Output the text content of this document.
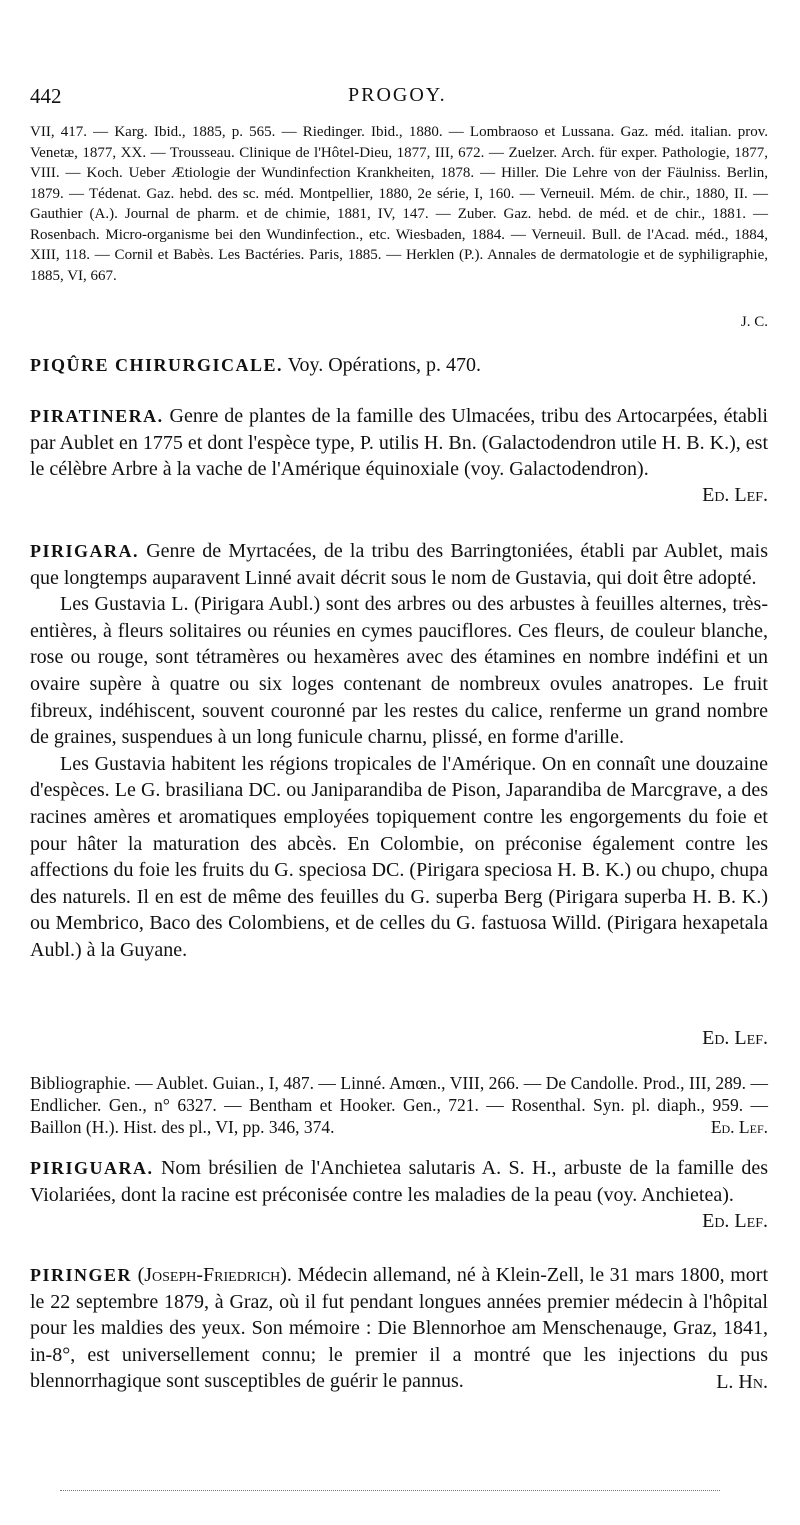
442	PROGOY.
VII, 417. — Karg. Ibid., 1885, p. 565. — Riedinger. Ibid., 1880. — Lombraoso et Lussana. Gaz. méd. italian. prov. Venetæ, 1877, XX. — Trousseau. Clinique de l'Hôtel-Dieu, 1877, III, 672. — Zuelzer. Arch. für exper. Pathologie, 1877, VIII. — Koch. Ueber Ætiologie der Wundinfection Krankheiten, 1878. — Hiller. Die Lehre von der Fäulniss. Berlin, 1879. — Tédenat. Gaz. hebd. des sc. méd. Montpellier, 1880, 2e série, I, 160. — Verneuil. Mém. de chir., 1880, II. — Gauthier (A.). Journal de pharm. et de chimie, 1881, IV, 147. — Zuber. Gaz. hebd. de méd. et de chir., 1881. — Rosenbach. Micro-organisme bei den Wundinfection., etc. Wiesbaden, 1884. — Verneuil. Bull. de l'Acad. méd., 1884, XIII, 118. — Cornil et Babès. Les Bactéries. Paris, 1885. — Herklen (P.). Annales de dermatologie et de syphiligraphie, 1885, VI, 667.
J. C.
PIQÛRE CHIRURGICALE. Voy. Opérations, p. 470.
PIRATINERA. Genre de plantes de la famille des Ulmacées, tribu des Artocarpées, établi par Aublet en 1775 et dont l'espèce type, P. utilis H. Bn. (Galactodendron utile H. B. K.), est le célèbre Arbre à la vache de l'Amérique équinoxiale (voy. Galactodendron).
Ed. Lef.
PIRIGARA. Genre de Myrtacées, de la tribu des Barringtoniées, établi par Aublet, mais que longtemps auparavent Linné avait décrit sous le nom de Gustavia, qui doit être adopté.
Les Gustavia L. (Pirigara Aubl.) sont des arbres ou des arbustes à feuilles alternes, très-entières, à fleurs solitaires ou réunies en cymes pauciflores. Ces fleurs, de couleur blanche, rose ou rouge, sont tétramères ou hexamères avec des étamines en nombre indéfini et un ovaire supère à quatre ou six loges contenant de nombreux ovules anatropes. Le fruit fibreux, indéhiscent, souvent couronné par les restes du calice, renferme un grand nombre de graines, suspendues à un long funicule charnu, plissé, en forme d'arille.
Les Gustavia habitent les régions tropicales de l'Amérique. On en connaît une douzaine d'espèces. Le G. brasiliana DC. ou Janiparandiba de Pison, Japarandiba de Marcgrave, a des racines amères et aromatiques employées topiquement contre les engorgements du foie et pour hâter la maturation des abcès. En Colombie, on préconise également contre les affections du foie les fruits du G. speciosa DC. (Pirigara speciosa H. B. K.) ou chupo, chupa des naturels. Il en est de même des feuilles du G. superba Berg (Pirigara superba H. B. K.) ou Membrico, Baco des Colombiens, et de celles du G. fastuosa Willd. (Pirigara hexapetala Aubl.) à la Guyane.
Ed. Lef.
Bibliographie. — Aublet. Guian., I, 487. — Linné. Amœn., VIII, 266. — De Candolle. Prod., III, 289. — Endlicher. Gen., n° 6327. — Bentham et Hooker. Gen., 721. — Rosenthal. Syn. pl. diaph., 959. — Baillon (H.). Hist. des pl., VI, pp. 346, 374.	Ed. Lef.
PIRIGUARA. Nom brésilien de l'Anchietea salutaris A. S. H., arbuste de la famille des Violariées, dont la racine est préconisée contre les maladies de la peau (voy. Anchietea).
Ed. Lef.
PIRINGER (Joseph-Friedrich). Médecin allemand, né à Klein-Zell, le 31 mars 1800, mort le 22 septembre 1879, à Graz, où il fut pendant longues années premier médecin à l'hôpital pour les maldies des yeux. Son mémoire : Die Blennorhoe am Menschenauge, Graz, 1841, in-8°, est universellement connu; le premier il a montré que les injections du pus blennorrhagique sont susceptibles de guérir le pannus.	L. Hn.
